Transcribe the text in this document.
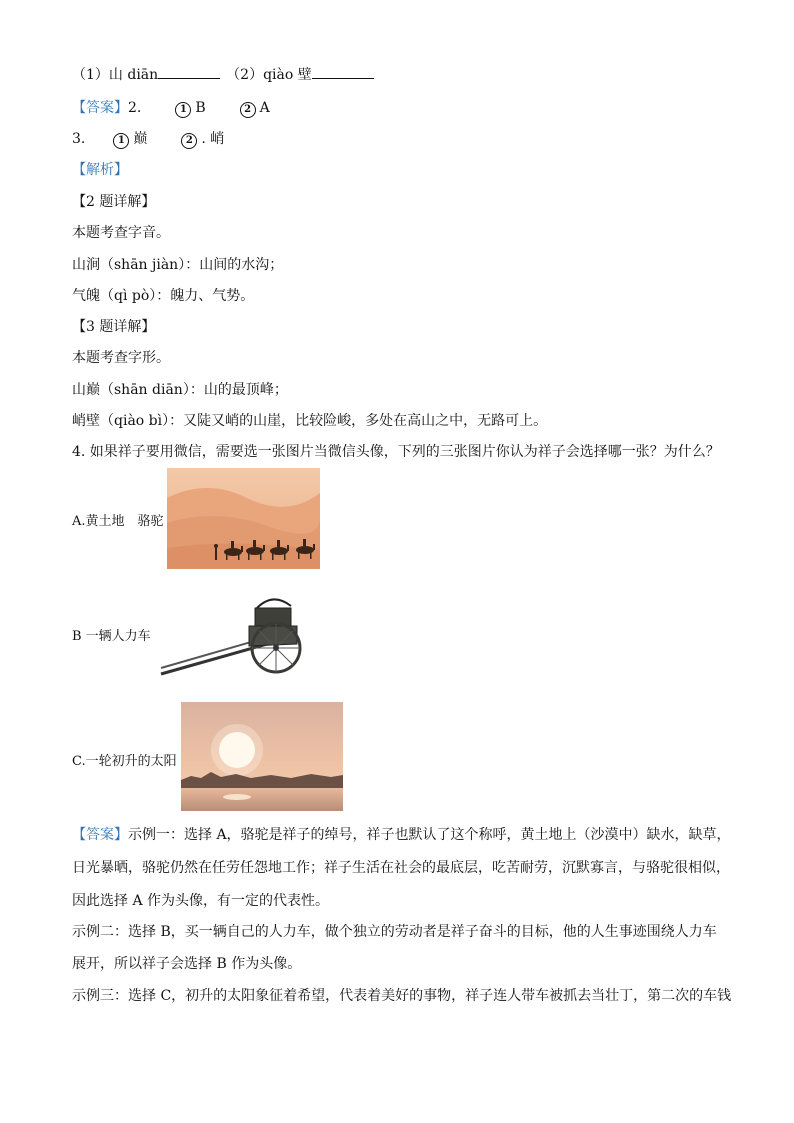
（1）山 diān	（2）qiào 壁
【答案】2.	1 B	2 A
3.	1 巅	2 . 峭
【解析】
【2 题详解】
本题考查字音。
山涧（shān jiàn）：山间的水沟；
气魄（qì pò）：魄力、气势。
【3 题详解】
本题考查字形。
山巅（shān diān）：山的最顶峰；
峭壁（qiào bì）：又陡又峭的山崖，比较险峻，多处在高山之中，无路可上。
4. 如果祥子要用微信，需要选一张图片当微信头像，下列的三张图片你认为祥子会选择哪一张？为什么？
A.黄土地　骆驼
B 一辆人力车
C.一轮初升的太阳
【答案】示例一：选择 A，骆驼是祥子的绰号，祥子也默认了这个称呼，黄土地上（沙漠中）缺水，缺草，
日光暴晒，骆驼仍然在任劳任怨地工作；祥子生活在社会的最底层，吃苦耐劳，沉默寡言，与骆驼很相似，
因此选择 A 作为头像，有一定的代表性。
示例二：选择 B，买一辆自己的人力车，做个独立的劳动者是祥子奋斗的目标，他的人生事迹围绕人力车
展开，所以祥子会选择 B 作为头像。
示例三：选择 C，初升的太阳象征着希望，代表着美好的事物，祥子连人带车被抓去当壮丁，第二次的车钱
